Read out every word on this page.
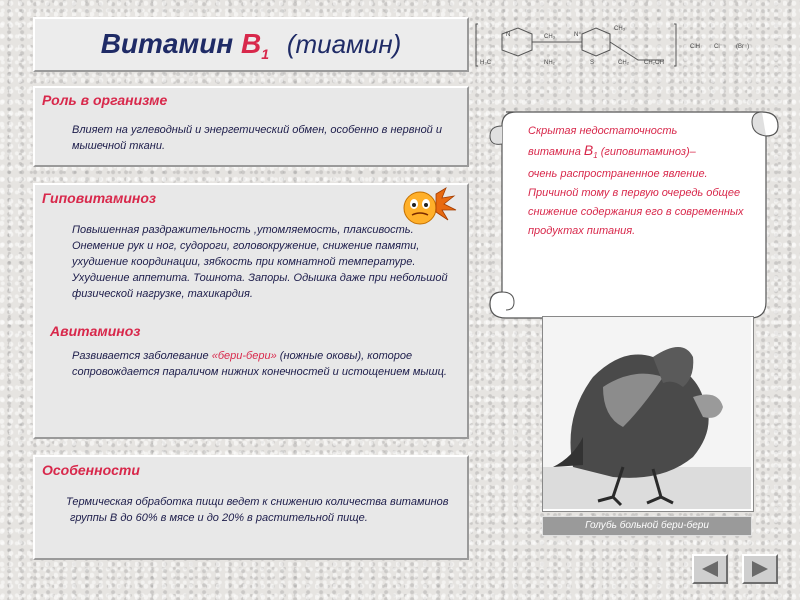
Витамин $B_1$ (тиамин)	N	CH₃	N⁺
CH₃
H₃C	NH₂	S	CH₂	CH₂OH
ClH Cl⁻ (Br⁻)
Роль в организме
Влияет на углеводный и энергетический обмен, особенно в нервной и мышечной ткани.
Гиповитаминоз
Повышенная раздражительность ,утомляемость, плаксивость. Онемение рук и ног, судороги, головокружение, снижение памяти, ухудшение координации, зябкость при комнатной температуре. Ухудшение аппетита. Тошнота. Запоры. Одышка даже при небольшой физической нагрузке, тахикардия.
Авитаминоз
Развивается заболевание «бери-бери» (ножные оковы), которое сопровождается параличом нижних конечностей и истощением мышц.
Особенности
Термическая обработка пищи ведет к снижению количества витаминов группы В до 60% в мясе и до 20% в растительной пище.
Скрытая недостаточность
витамина $В_1$ (гиповитаминоз)–
очень распространенное явление.
Причиной тому в первую очередь общее снижение содержания его в современных продуктах питания.
Голубь больной бери-бери
